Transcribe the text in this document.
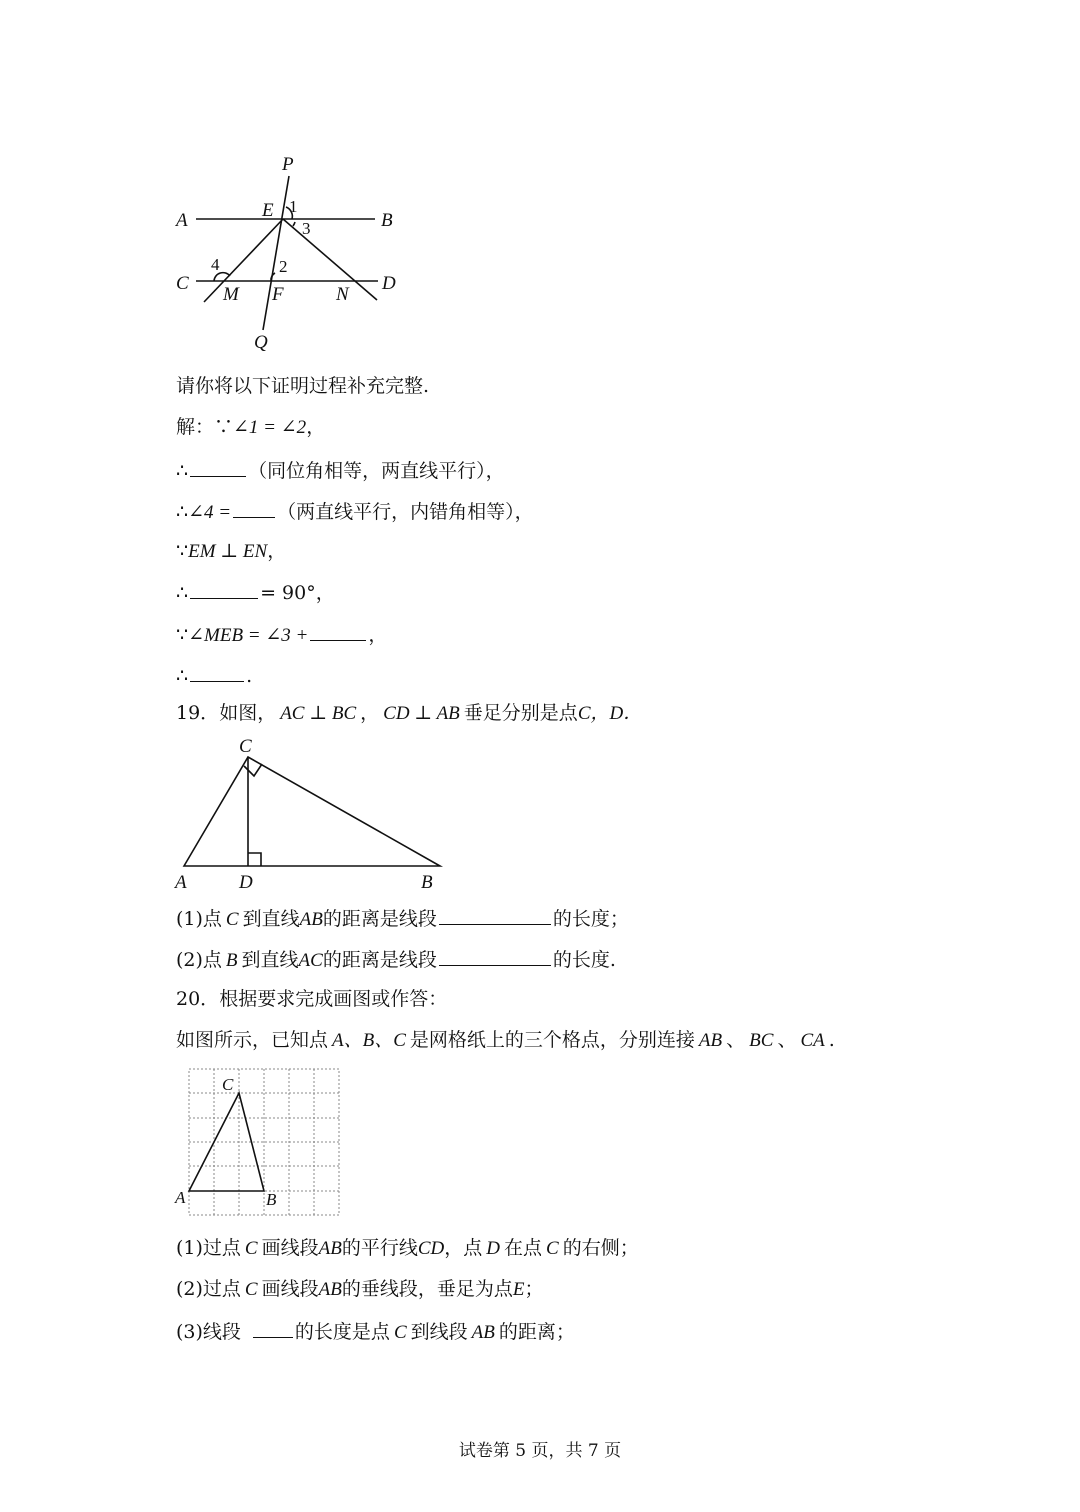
P
A	E 1
B
3
C
4	2
D
M F	N
Q
请你将以下证明过程补充完整.
解：∵∠1 = ∠2，
∴	（同位角相等，两直线平行），
∴∠4 = （两直线平行，内错角相等），
∵EM ⊥ EN，
∴	= 90°，
∵∠MEB = ∠3 +	，
∴	.
19．如图， AC ⊥ BC ， CD ⊥ AB 垂足分别是点C，D．
C
A	D	B
(1)点 C 到直线AB的距离是线段	的长度；
(2)点 B 到直线AC的距离是线段	的长度.
20．根据要求完成画图或作答：
如图所示，已知点 A、B、C 是网格纸上的三个格点，分别连接 AB 、 BC 、 CA .
C
A	B
(1)过点 C 画线段AB的平行线CD，点 D 在点 C 的右侧；
(2)过点 C 画线段AB的垂线段，垂足为点E；
(3)线段	的长度是点 C 到线段 AB 的距离；
试卷第 5 页，共 7 页
